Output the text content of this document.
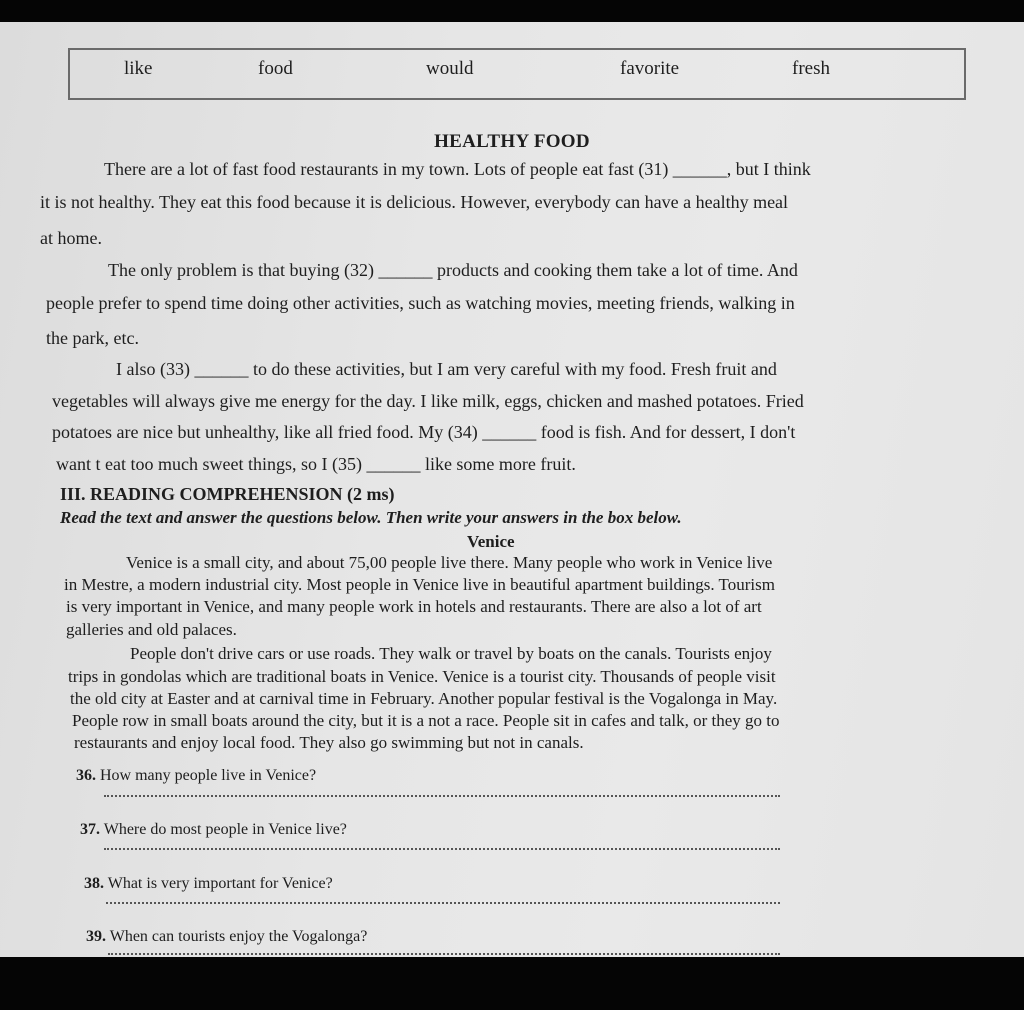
like	food	would	favorite	fresh
HEALTHY FOOD
There are a lot of fast food restaurants in my town. Lots of people eat fast (31) ______, but I think
it is not healthy. They eat this food because it is delicious. However, everybody can have a healthy meal
at home.
The only problem is that buying (32) ______ products and cooking them take a lot of time. And
people prefer to spend time doing other activities, such as watching movies, meeting friends, walking in
the park, etc.
I also (33) ______ to do these activities, but I am very careful with my food. Fresh fruit and
vegetables will always give me energy for the day. I like milk, eggs, chicken and mashed potatoes. Fried
potatoes are nice but unhealthy, like all fried food. My (34) ______ food is fish. And for dessert, I don't
want t eat too much sweet things, so I (35) ______ like some more fruit.
III. READING COMPREHENSION (2 ms)
Read the text and answer the questions below. Then write your answers in the box below.
Venice
Venice is a small city, and about 75,00 people live there. Many people who work in Venice live
in Mestre, a modern industrial city. Most people in Venice live in beautiful apartment buildings. Tourism
is very important in Venice, and many people work in hotels and restaurants. There are also a lot of art
galleries and old palaces.
People don't drive cars or use roads. They walk or travel by boats on the canals. Tourists enjoy
trips in gondolas which are traditional boats in Venice. Venice is a tourist city. Thousands of people visit
the old city at Easter and at carnival time in February. Another popular festival is the Vogalonga in May.
People row in small boats around the city, but it is a not a race. People sit in cafes and talk, or they go to
restaurants and enjoy local food. They also go swimming but not in canals.
36. How many people live in Venice?
37. Where do most people in Venice live?
38. What is very important for Venice?
39. When can tourists enjoy the Vogalonga?
